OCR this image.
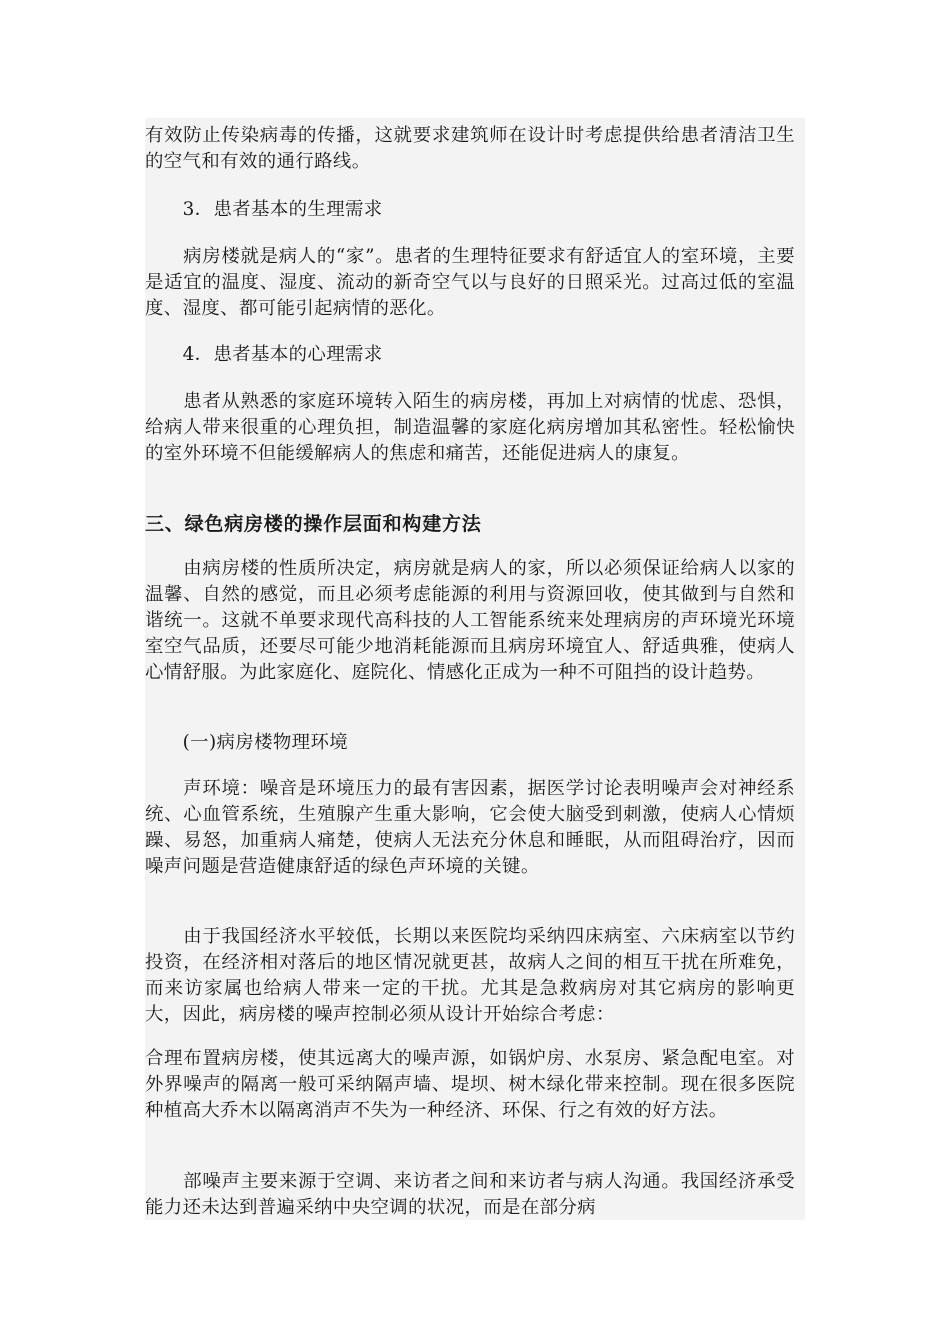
有效防止传染病毒的传播，这就要求建筑师在设计时考虑提供给患者清洁卫生的空气和有效的通行路线。

　　3．患者基本的生理需求

　　病房楼就是病人的“家”。患者的生理特征要求有舒适宜人的室环境，主要是适宜的温度、湿度、流动的新奇空气以与良好的日照采光。过高过低的室温度、湿度、都可能引起病情的恶化。

　　4．患者基本的心理需求

　　患者从熟悉的家庭环境转入陌生的病房楼，再加上对病情的忧虑、恐惧，给病人带来很重的心理负担，制造温馨的家庭化病房增加其私密性。轻松愉快的室外环境不但能缓解病人的焦虑和痛苦，还能促进病人的康复。

三、绿色病房楼的操作层面和构建方法

　　由病房楼的性质所决定，病房就是病人的家，所以必须保证给病人以家的温馨、自然的感觉，而且必须考虑能源的利用与资源回收，使其做到与自然和谐统一。这就不单要求现代高科技的人工智能系统来处理病房的声环境光环境室空气品质，还要尽可能少地消耗能源而且病房环境宜人、舒适典雅，使病人心情舒服。为此家庭化、庭院化、情感化正成为一种不可阻挡的设计趋势。

　　(一)病房楼物理环境

　　声环境：噪音是环境压力的最有害因素，据医学讨论表明噪声会对神经系统、心血管系统，生殖腺产生重大影响，它会使大脑受到刺激，使病人心情烦躁、易怒，加重病人痛楚，使病人无法充分休息和睡眠，从而阻碍治疗，因而噪声问题是营造健康舒适的绿色声环境的关键。

　　由于我国经济水平较低，长期以来医院均采纳四床病室、六床病室以节约投资，在经济相对落后的地区情况就更甚，故病人之间的相互干扰在所难免，而来访家属也给病人带来一定的干扰。尤其是急救病房对其它病房的影响更大，因此，病房楼的噪声控制必须从设计开始综合考虑：

合理布置病房楼，使其远离大的噪声源，如锅炉房、水泵房、紧急配电室。对外界噪声的隔离一般可采纳隔声墙、堤坝、树木绿化带来控制。现在很多医院种植高大乔木以隔离消声不失为一种经济、环保、行之有效的好方法。

　　部噪声主要来源于空调、来访者之间和来访者与病人沟通。我国经济承受能力还未达到普遍采纳中央空调的状况，而是在部分病
